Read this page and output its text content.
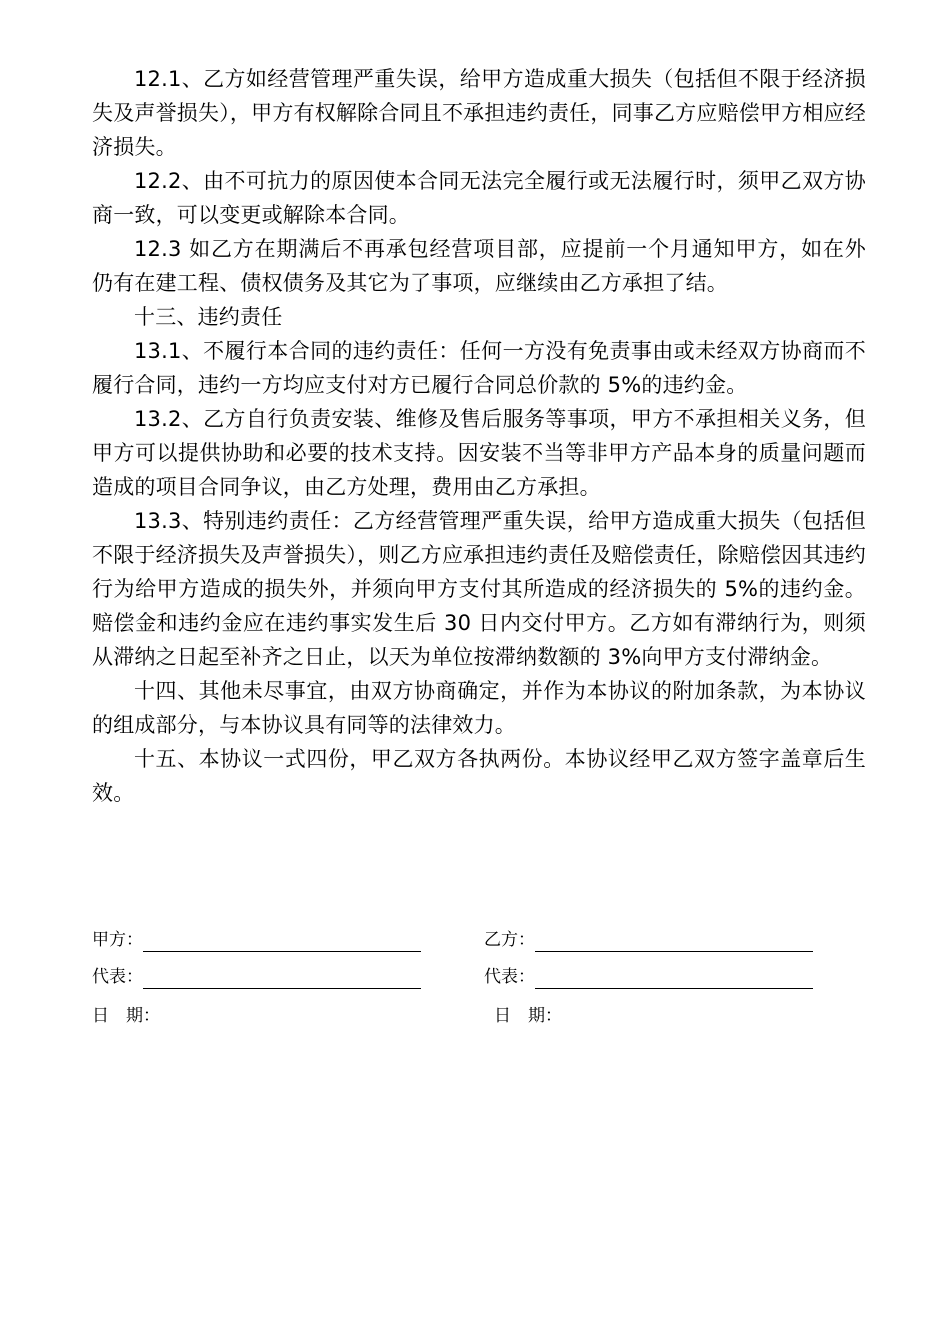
12.1、乙方如经营管理严重失误，给甲方造成重大损失（包括但不限于经济损失及声誉损失），甲方有权解除合同且不承担违约责任，同事乙方应赔偿甲方相应经济损失。

12.2、由不可抗力的原因使本合同无法完全履行或无法履行时，须甲乙双方协商一致，可以变更或解除本合同。

12.3 如乙方在期满后不再承包经营项目部，应提前一个月通知甲方，如在外仍有在建工程、债权债务及其它为了事项，应继续由乙方承担了结。

十三、违约责任

13.1、不履行本合同的违约责任：任何一方没有免责事由或未经双方协商而不履行合同，违约一方均应支付对方已履行合同总价款的 5%的违约金。

13.2、乙方自行负责安装、维修及售后服务等事项，甲方不承担相关义务，但甲方可以提供协助和必要的技术支持。因安装不当等非甲方产品本身的质量问题而造成的项目合同争议，由乙方处理，费用由乙方承担。

13.3、特别违约责任：乙方经营管理严重失误，给甲方造成重大损失（包括但不限于经济损失及声誉损失），则乙方应承担违约责任及赔偿责任，除赔偿因其违约行为给甲方造成的损失外，并须向甲方支付其所造成的经济损失的 5%的违约金。赔偿金和违约金应在违约事实发生后 30 日内交付甲方。乙方如有滞纳行为，则须从滞纳之日起至补齐之日止，以天为单位按滞纳数额的 3%向甲方支付滞纳金。

十四、其他未尽事宜，由双方协商确定，并作为本协议的附加条款，为本协议的组成部分，与本协议具有同等的法律效力。

十五、本协议一式四份，甲乙双方各执两份。本协议经甲乙双方签字盖章后生效。

甲方：
代表：
日　期：
乙方：
代表：
日　期：
